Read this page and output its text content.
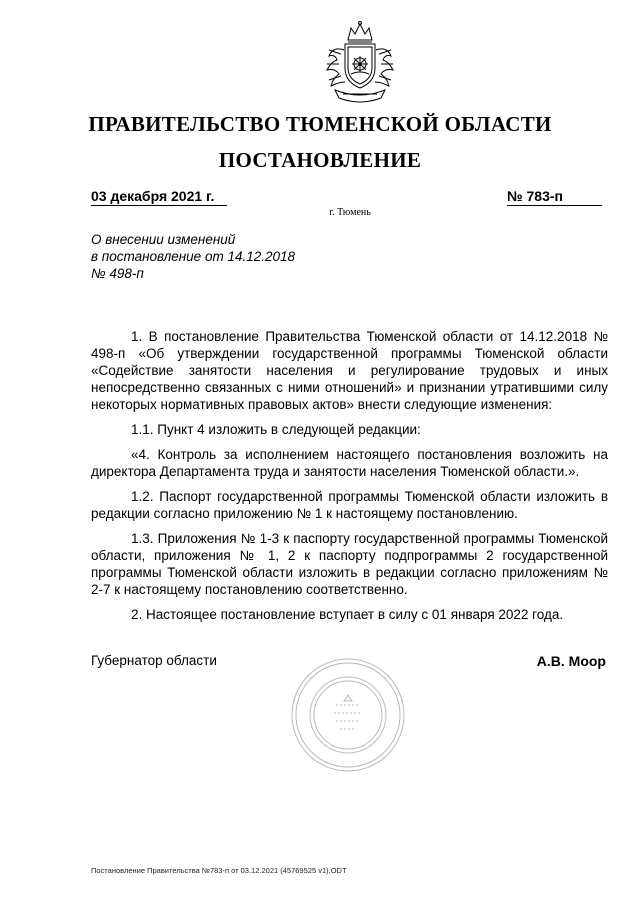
ПРАВИТЕЛЬСТВО ТЮМЕНСКОЙ ОБЛАСТИ
ПОСТАНОВЛЕНИЕ
03 декабря 2021 г.	№ 783-п
г. Тюмень
О внесении изменений
в постановление от 14.12.2018
№ 498-п

1. В постановление Правительства Тюменской области от 14.12.2018 № 498-п «Об утверждении государственной программы Тюменской области «Содействие занятости населения и регулирование трудовых и иных непосредственно связанных с ними отношений» и признании утратившими силу некоторых нормативных правовых актов» внести следующие изменения:

1.1. Пункт 4 изложить в следующей редакции:

«4. Контроль за исполнением настоящего постановления возложить на директора Департамента труда и занятости населения Тюменской области.».

1.2. Паспорт государственной программы Тюменской области изложить в редакции согласно приложению № 1 к настоящему постановлению.

1.3. Приложения № 1-3 к паспорту государственной программы Тюменской области, приложения № 1, 2 к паспорту подпрограммы 2 государственной программы Тюменской области изложить в редакции согласно приложениям № 2-7 к настоящему постановлению соответственно.

2. Настоящее постановление вступает в силу с 01 января 2022 года.

Губернатор области	А.В. Моор
Постановление Правительства №783-п от 03.12.2021 (45769525 v1).ODT
